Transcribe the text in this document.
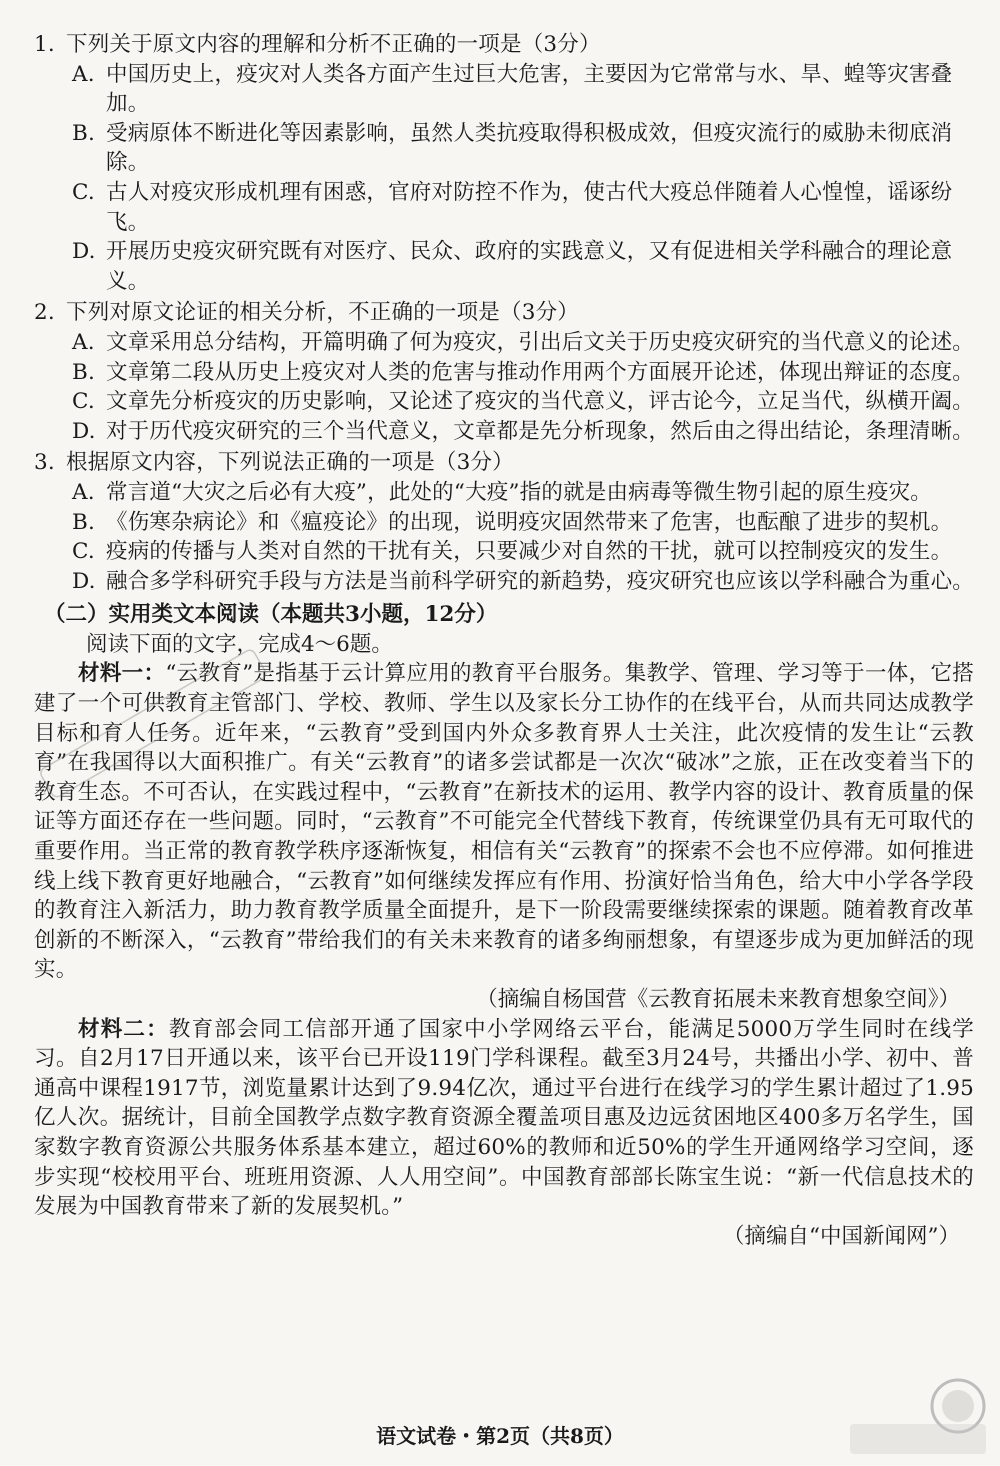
1. 下列关于原文内容的理解和分析不正确的一项是（3分）

A. 中国历史上，疫灾对人类各方面产生过巨大危害，主要因为它常常与水、旱、蝗等灾害叠加。

B. 受病原体不断进化等因素影响，虽然人类抗疫取得积极成效，但疫灾流行的威胁未彻底消除。

C. 古人对疫灾形成机理有困惑，官府对防控不作为，使古代大疫总伴随着人心惶惶，谣诼纷飞。

D. 开展历史疫灾研究既有对医疗、民众、政府的实践意义，又有促进相关学科融合的理论意义。

2. 下列对原文论证的相关分析，不正确的一项是（3分）

A. 文章采用总分结构，开篇明确了何为疫灾，引出后文关于历史疫灾研究的当代意义的论述。

B. 文章第二段从历史上疫灾对人类的危害与推动作用两个方面展开论述，体现出辩证的态度。

C. 文章先分析疫灾的历史影响，又论述了疫灾的当代意义，评古论今，立足当代，纵横开阖。

D. 对于历代疫灾研究的三个当代意义，文章都是先分析现象，然后由之得出结论，条理清晰。

3. 根据原文内容，下列说法正确的一项是（3分）

A. 常言道“大灾之后必有大疫”，此处的“大疫”指的就是由病毒等微生物引起的原生疫灾。

B. 《伤寒杂病论》和《瘟疫论》的出现，说明疫灾固然带来了危害，也酝酿了进步的契机。

C. 疫病的传播与人类对自然的干扰有关，只要减少对自然的干扰，就可以控制疫灾的发生。

D. 融合多学科研究手段与方法是当前科学研究的新趋势，疫灾研究也应该以学科融合为重心。

（二）实用类文本阅读（本题共3小题，12分）

阅读下面的文字，完成4～6题。

材料一：“云教育”是指基于云计算应用的教育平台服务。集教学、管理、学习等于一体，它搭建了一个可供教育主管部门、学校、教师、学生以及家长分工协作的在线平台，从而共同达成教学目标和育人任务。近年来，“云教育”受到国内外众多教育界人士关注，此次疫情的发生让“云教育”在我国得以大面积推广。有关“云教育”的诸多尝试都是一次次“破冰”之旅，正在改变着当下的教育生态。不可否认，在实践过程中，“云教育”在新技术的运用、教学内容的设计、教育质量的保证等方面还存在一些问题。同时，“云教育”不可能完全代替线下教育，传统课堂仍具有无可取代的重要作用。当正常的教育教学秩序逐渐恢复，相信有关“云教育”的探索不会也不应停滞。如何推进线上线下教育更好地融合，“云教育”如何继续发挥应有作用、扮演好恰当角色，给大中小学各学段的教育注入新活力，助力教育教学质量全面提升，是下一阶段需要继续探索的课题。随着教育改革创新的不断深入，“云教育”带给我们的有关未来教育的诸多绚丽想象，有望逐步成为更加鲜活的现实。

（摘编自杨国营《云教育拓展未来教育想象空间》）

材料二：教育部会同工信部开通了国家中小学网络云平台，能满足5000万学生同时在线学习。自2月17日开通以来，该平台已开设119门学科课程。截至3月24号，共播出小学、初中、普通高中课程1917节，浏览量累计达到了9.94亿次，通过平台进行在线学习的学生累计超过了1.95亿人次。据统计，目前全国教学点数字教育资源全覆盖项目惠及边远贫困地区400多万名学生，国家数字教育资源公共服务体系基本建立，超过60%的教师和近50%的学生开通网络学习空间，逐步实现“校校用平台、班班用资源、人人用空间”。中国教育部部长陈宝生说：“新一代信息技术的发展为中国教育带来了新的发展契机。”

（摘编自“中国新闻网”）

语文试卷・第2页（共8页）
